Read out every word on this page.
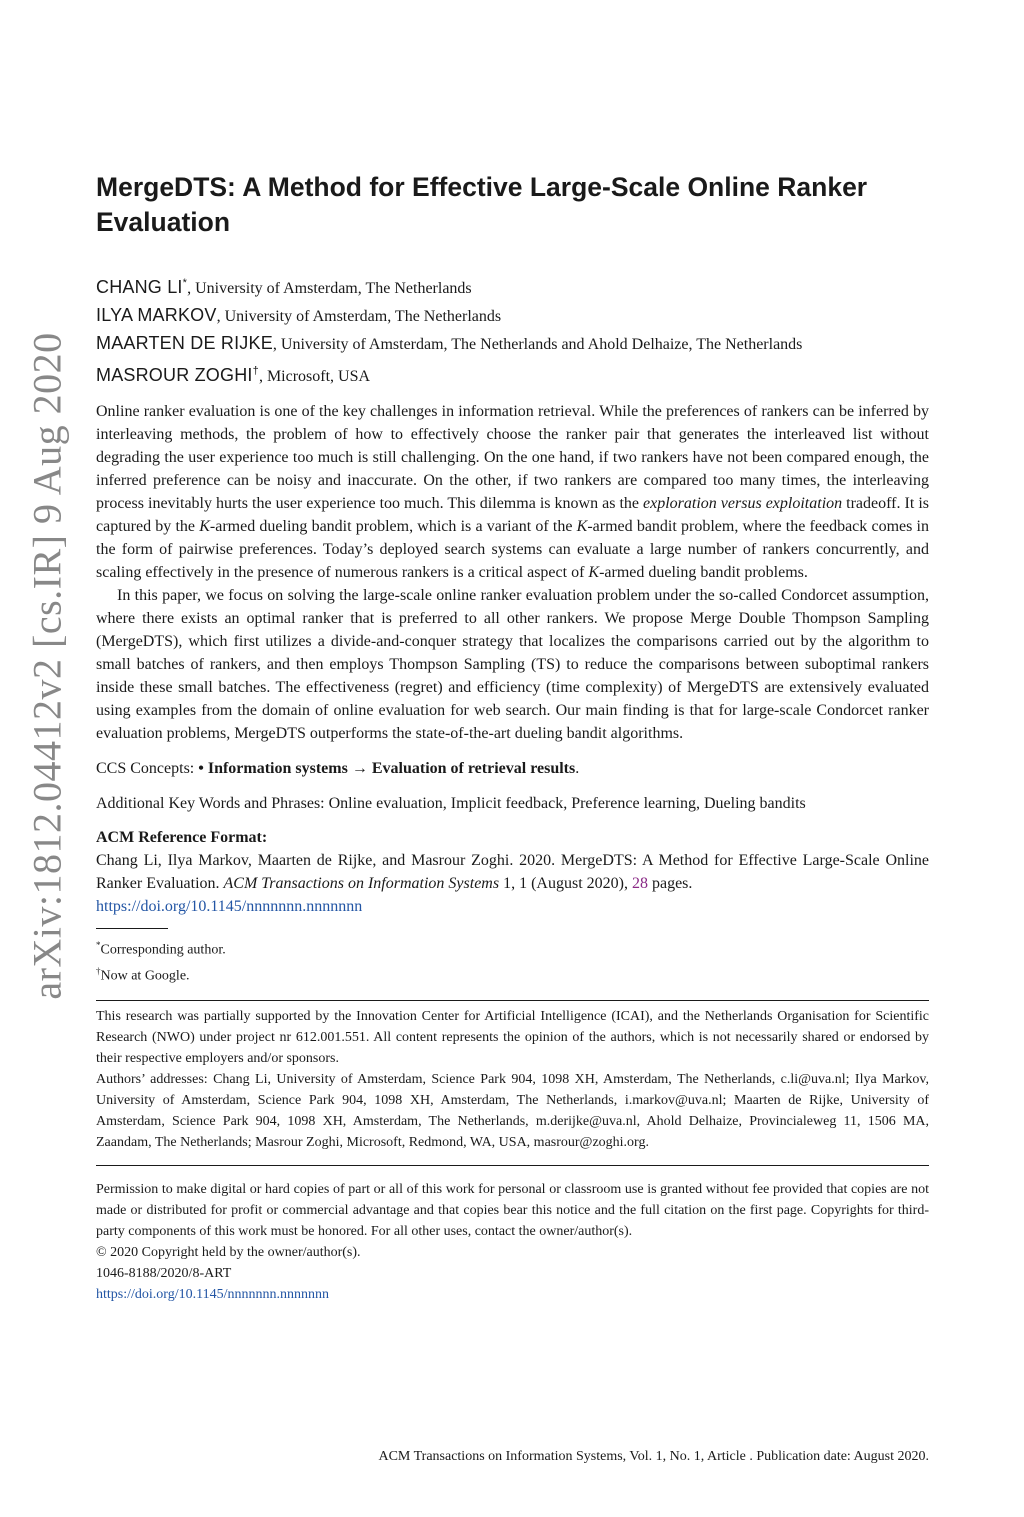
arXiv:1812.04412v2 [cs.IR] 9 Aug 2020
MergeDTS: A Method for Effective Large-Scale Online Ranker Evaluation
CHANG LI*, University of Amsterdam, The Netherlands
ILYA MARKOV, University of Amsterdam, The Netherlands
MAARTEN DE RIJKE, University of Amsterdam, The Netherlands and Ahold Delhaize, The Netherlands
MASROUR ZOGHI†, Microsoft, USA

Online ranker evaluation is one of the key challenges in information retrieval. While the preferences of rankers can be inferred by interleaving methods, the problem of how to effectively choose the ranker pair that generates the interleaved list without degrading the user experience too much is still challenging. On the one hand, if two rankers have not been compared enough, the inferred preference can be noisy and inaccurate. On the other, if two rankers are compared too many times, the interleaving process inevitably hurts the user experience too much. This dilemma is known as the exploration versus exploitation tradeoff. It is captured by the K-armed dueling bandit problem, which is a variant of the K-armed bandit problem, where the feedback comes in the form of pairwise preferences. Today’s deployed search systems can evaluate a large number of rankers concurrently, and scaling effectively in the presence of numerous rankers is a critical aspect of K-armed dueling bandit problems.

In this paper, we focus on solving the large-scale online ranker evaluation problem under the so-called Condorcet assumption, where there exists an optimal ranker that is preferred to all other rankers. We propose Merge Double Thompson Sampling (MergeDTS), which first utilizes a divide-and-conquer strategy that localizes the comparisons carried out by the algorithm to small batches of rankers, and then employs Thompson Sampling (TS) to reduce the comparisons between suboptimal rankers inside these small batches. The effectiveness (regret) and efficiency (time complexity) of MergeDTS are extensively evaluated using examples from the domain of online evaluation for web search. Our main finding is that for large-scale Condorcet ranker evaluation problems, MergeDTS outperforms the state-of-the-art dueling bandit algorithms.

CCS Concepts: • Information systems → Evaluation of retrieval results.
Additional Key Words and Phrases: Online evaluation, Implicit feedback, Preference learning, Dueling bandits
ACM Reference Format:
Chang Li, Ilya Markov, Maarten de Rijke, and Masrour Zoghi. 2020. MergeDTS: A Method for Effective Large-Scale Online Ranker Evaluation. ACM Transactions on Information Systems 1, 1 (August 2020), 28 pages.
https://doi.org/10.1145/nnnnnnn.nnnnnnn
*Corresponding author.
†Now at Google.

This research was partially supported by the Innovation Center for Artificial Intelligence (ICAI), and the Netherlands Organisation for Scientific Research (NWO) under project nr 612.001.551. All content represents the opinion of the authors, which is not necessarily shared or endorsed by their respective employers and/or sponsors.

Authors’ addresses: Chang Li, University of Amsterdam, Science Park 904, 1098 XH, Amsterdam, The Netherlands, c.li@uva.nl; Ilya Markov, University of Amsterdam, Science Park 904, 1098 XH, Amsterdam, The Netherlands, i.markov@uva.nl; Maarten de Rijke, University of Amsterdam, Science Park 904, 1098 XH, Amsterdam, The Netherlands, m.derijke@uva.nl, Ahold Delhaize, Provincialeweg 11, 1506 MA, Zaandam, The Netherlands; Masrour Zoghi, Microsoft, Redmond, WA, USA, masrour@zoghi.org.

Permission to make digital or hard copies of part or all of this work for personal or classroom use is granted without fee provided that copies are not made or distributed for profit or commercial advantage and that copies bear this notice and the full citation on the first page. Copyrights for third-party components of this work must be honored. For all other uses, contact the owner/author(s).

© 2020 Copyright held by the owner/author(s).

1046-8188/2020/8-ART

https://doi.org/10.1145/nnnnnnn.nnnnnnn

ACM Transactions on Information Systems, Vol. 1, No. 1, Article . Publication date: August 2020.
